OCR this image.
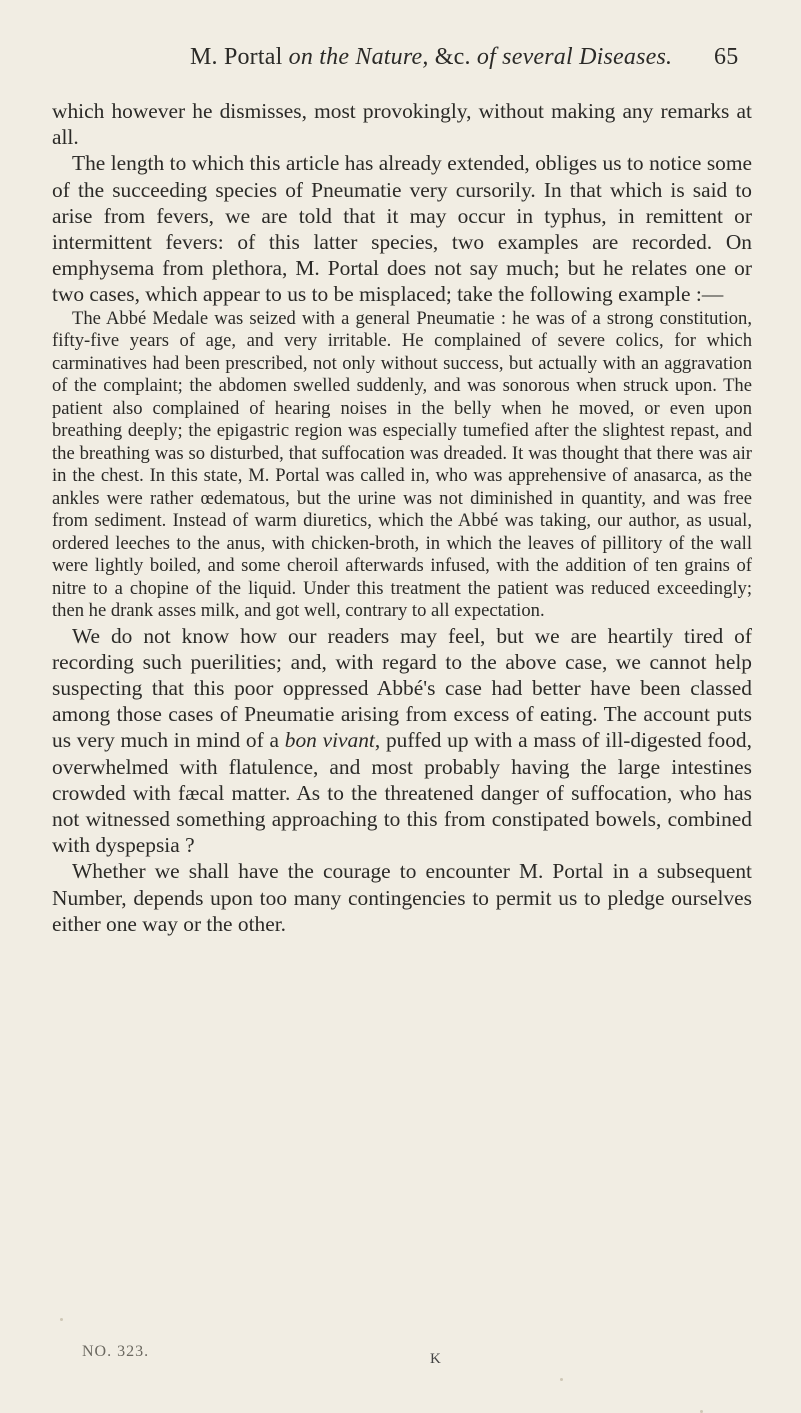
M. Portal on the Nature, &c. of several Diseases. 65

which however he dismisses, most provokingly, without making any remarks at all.

The length to which this article has already extended, obliges us to notice some of the succeeding species of Pneumatie very cursorily. In that which is said to arise from fevers, we are told that it may occur in typhus, in remittent or intermittent fevers: of this latter species, two examples are recorded. On emphysema from plethora, M. Portal does not say much; but he relates one or two cases, which appear to us to be misplaced; take the following example :—

The Abbé Medale was seized with a general Pneumatie : he was of a strong constitution, fifty-five years of age, and very irritable. He complained of severe colics, for which carminatives had been prescribed, not only without success, but actually with an aggravation of the complaint; the abdomen swelled suddenly, and was sonorous when struck upon. The patient also complained of hearing noises in the belly when he moved, or even upon breathing deeply; the epigastric region was especially tumefied after the slightest repast, and the breathing was so disturbed, that suffocation was dreaded. It was thought that there was air in the chest. In this state, M. Portal was called in, who was apprehensive of anasarca, as the ankles were rather œdematous, but the urine was not diminished in quantity, and was free from sediment. Instead of warm diuretics, which the Abbé was taking, our author, as usual, ordered leeches to the anus, with chicken-broth, in which the leaves of pillitory of the wall were lightly boiled, and some cheroil afterwards infused, with the addition of ten grains of nitre to a chopine of the liquid. Under this treatment the patient was reduced exceedingly; then he drank asses milk, and got well, contrary to all expectation.

We do not know how our readers may feel, but we are heartily tired of recording such puerilities; and, with regard to the above case, we cannot help suspecting that this poor oppressed Abbé's case had better have been classed among those cases of Pneumatie arising from excess of eating. The account puts us very much in mind of a bon vivant, puffed up with a mass of ill-digested food, overwhelmed with flatulence, and most probably having the large intestines crowded with fæcal matter. As to the threatened danger of suffocation, who has not witnessed something approaching to this from constipated bowels, combined with dyspepsia ?

Whether we shall have the courage to encounter M. Portal in a subsequent Number, depends upon too many contingencies to permit us to pledge ourselves either one way or the other.

NO. 323.	K
